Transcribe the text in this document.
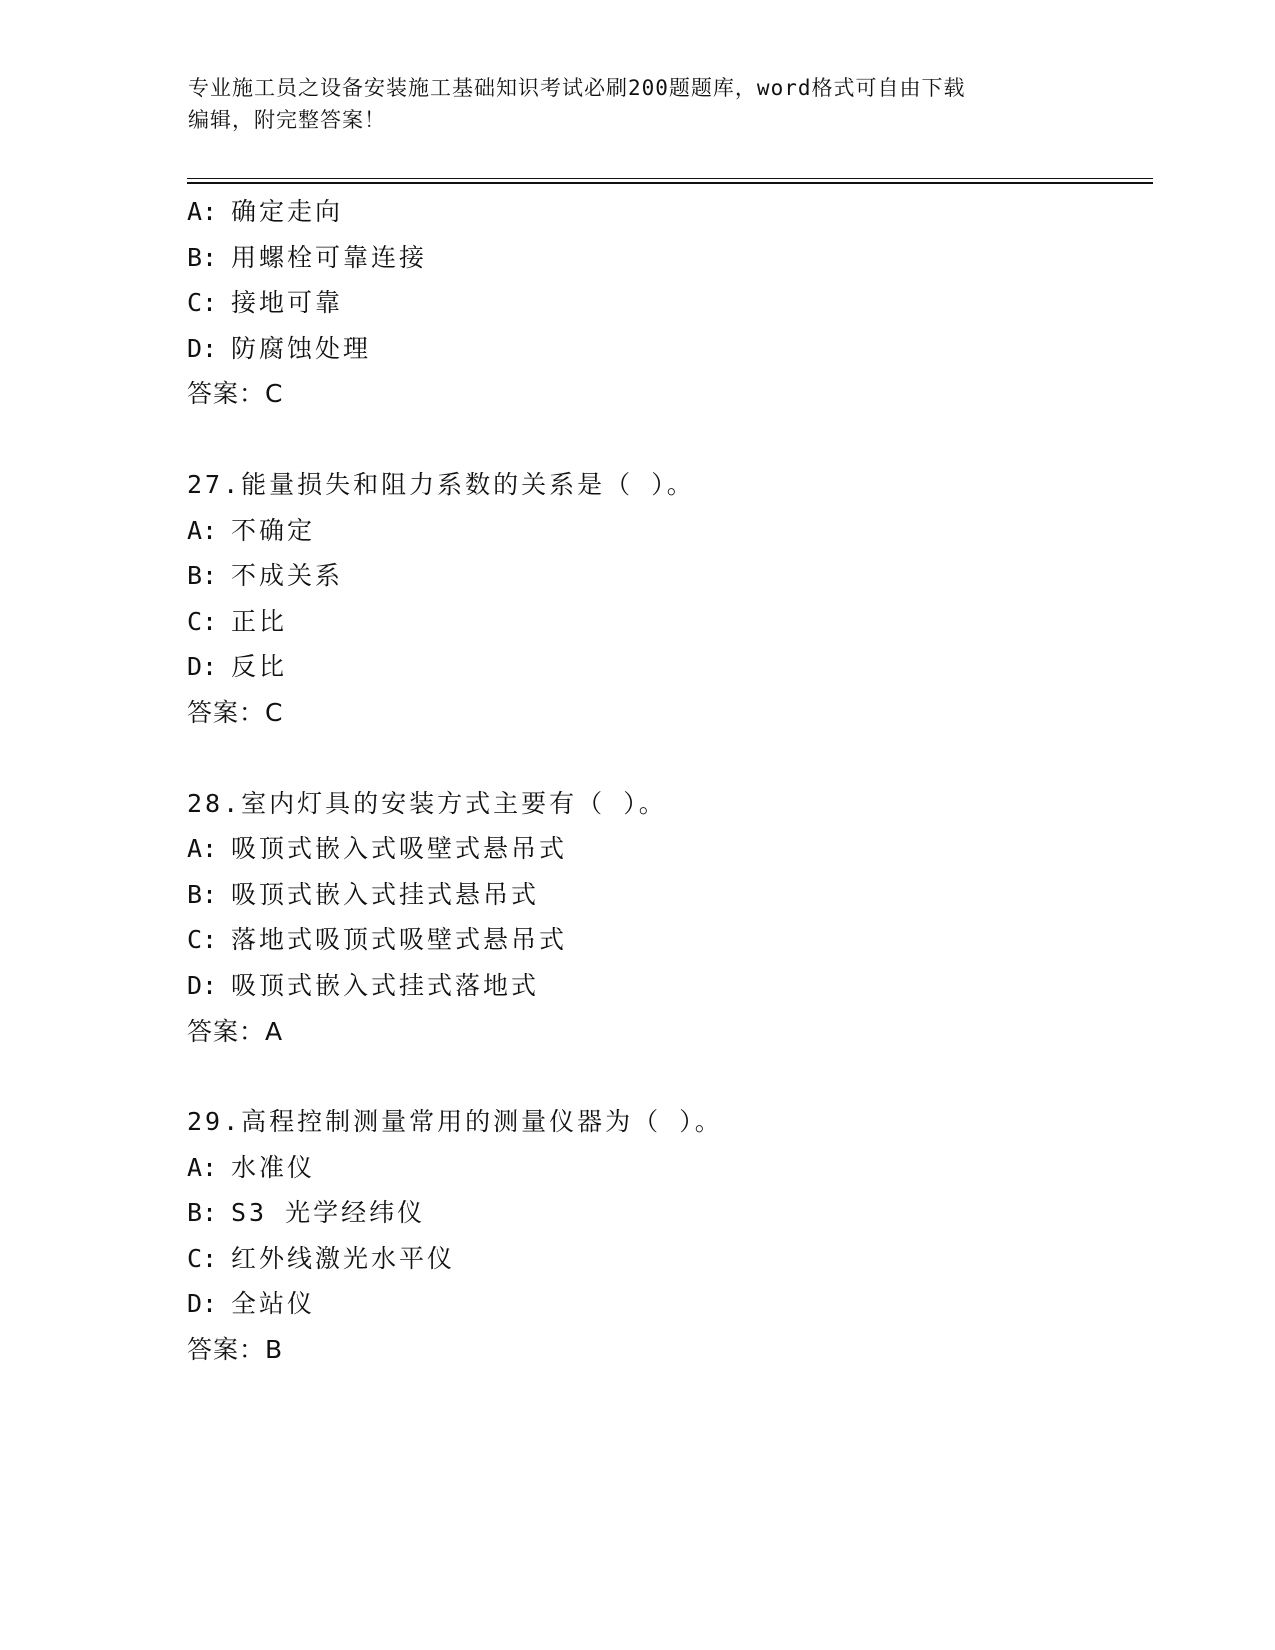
专业施工员之设备安装施工基础知识考试必刷200题题库，word格式可自由下载
编辑，附完整答案！
A: 确定走向
B: 用螺栓可靠连接
C: 接地可靠
D: 防腐蚀处理
答案：C
27.能量损失和阻力系数的关系是（ ）。
A: 不确定
B: 不成关系
C: 正比
D: 反比
答案：C
28.室内灯具的安装方式主要有（ ）。
A: 吸顶式嵌入式吸壁式悬吊式
B: 吸顶式嵌入式挂式悬吊式
C: 落地式吸顶式吸壁式悬吊式
D: 吸顶式嵌入式挂式落地式
答案：A
29.高程控制测量常用的测量仪器为（ ）。
A: 水准仪
B: S3 光学经纬仪
C: 红外线激光水平仪
D: 全站仪
答案：B
